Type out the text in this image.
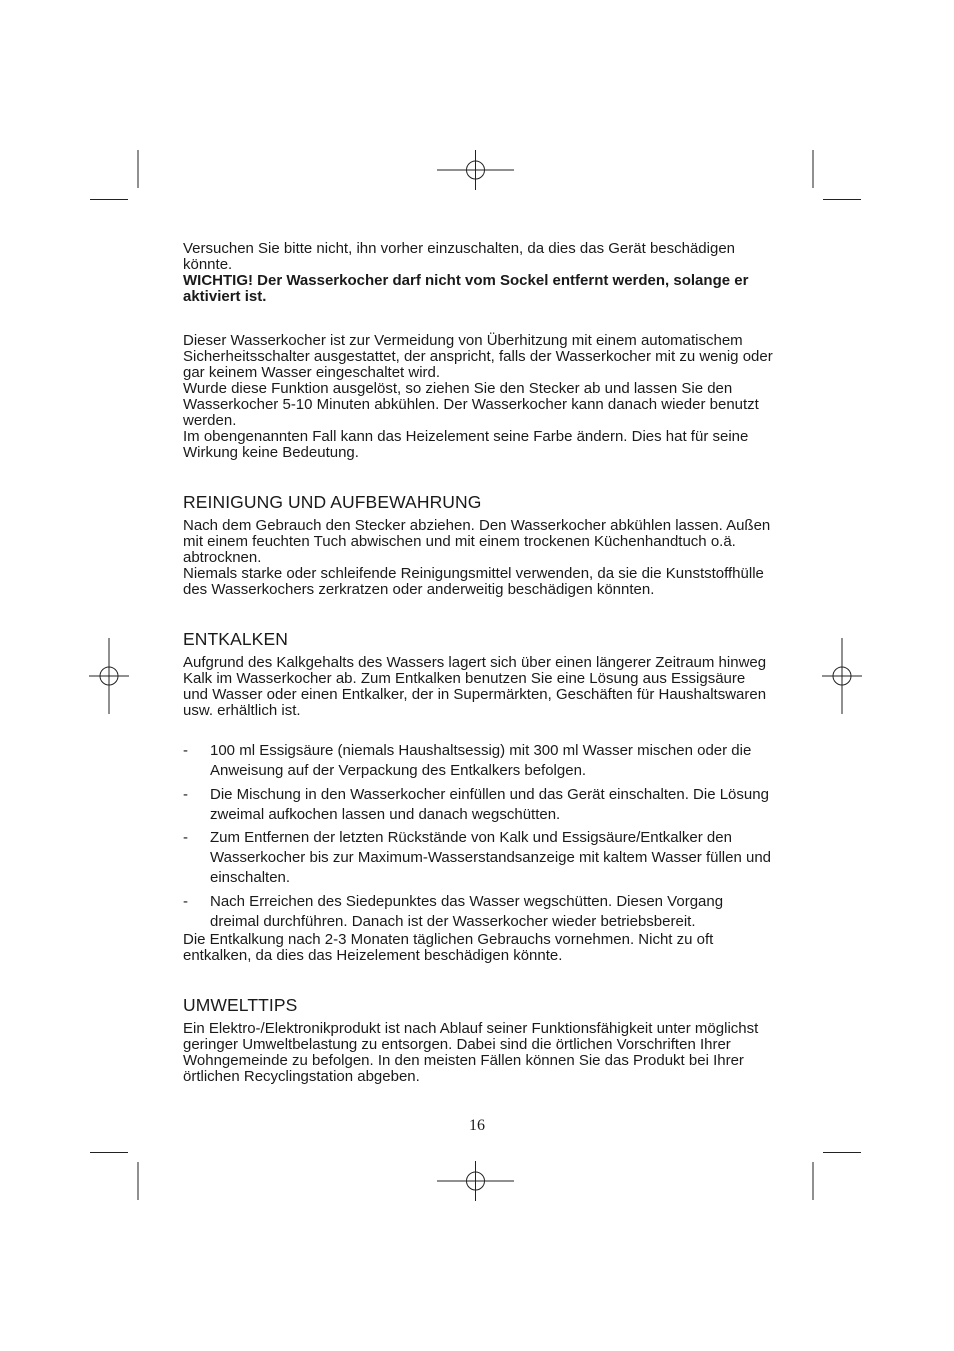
Versuchen Sie bitte nicht, ihn vorher einzuschalten, da dies das Gerät beschädigen könnte.

WICHTIG! Der Wasserkocher darf nicht vom Sockel entfernt werden, solange er aktiviert ist.

Dieser Wasserkocher ist zur Vermeidung von Überhitzung mit einem automatischem Sicherheitsschalter ausgestattet, der anspricht, falls der Wasserkocher mit zu wenig oder gar keinem Wasser eingeschaltet wird.

Wurde diese Funktion ausgelöst, so ziehen Sie den Stecker ab und lassen Sie den Wasserkocher 5-10 Minuten abkühlen. Der Wasserkocher kann danach wieder benutzt werden.

Im obengenannten Fall kann das Heizelement seine Farbe ändern. Dies hat für seine Wirkung keine Bedeutung.

REINIGUNG UND AUFBEWAHRUNG

Nach dem Gebrauch den Stecker abziehen. Den Wasserkocher abkühlen lassen. Außen mit einem feuchten Tuch abwischen und mit einem trockenen Küchenhandtuch o.ä. abtrocknen.

Niemals starke oder schleifende Reinigungsmittel verwenden, da sie die Kunststoffhülle des Wasserkochers zerkratzen oder anderweitig beschädigen könnten.

ENTKALKEN

Aufgrund des Kalkgehalts des Wassers lagert sich über einen längerer Zeitraum hinweg Kalk im Wasserkocher ab. Zum Entkalken benutzen Sie eine Lösung aus Essigsäure und Wasser oder einen Entkalker, der in Supermärkten, Geschäften für Haushaltswaren usw. erhältlich ist.

- 100 ml Essigsäure (niemals Haushaltsessig) mit 300 ml Wasser mischen oder die Anweisung auf der Verpackung des Entkalkers befolgen.
- Die Mischung in den Wasserkocher einfüllen und das Gerät einschalten. Die Lösung zweimal aufkochen lassen und danach wegschütten.
- Zum Entfernen der letzten Rückstände von Kalk und Essigsäure/Entkalker den Wasserkocher bis zur Maximum-Wasserstandsanzeige mit kaltem Wasser füllen und einschalten.
- Nach Erreichen des Siedepunktes das Wasser wegschütten. Diesen Vorgang dreimal durchführen. Danach ist der Wasserkocher wieder betriebsbereit.

Die Entkalkung nach 2-3 Monaten täglichen Gebrauchs vornehmen. Nicht zu oft entkalken, da dies das Heizelement beschädigen könnte.

UMWELTTIPS

Ein Elektro-/Elektronikprodukt ist nach Ablauf seiner Funktionsfähigkeit unter möglichst geringer Umweltbelastung zu entsorgen. Dabei sind die örtlichen Vorschriften Ihrer Wohngemeinde zu befolgen. In den meisten Fällen können Sie das Produkt bei Ihrer örtlichen Recyclingstation abgeben.

16
